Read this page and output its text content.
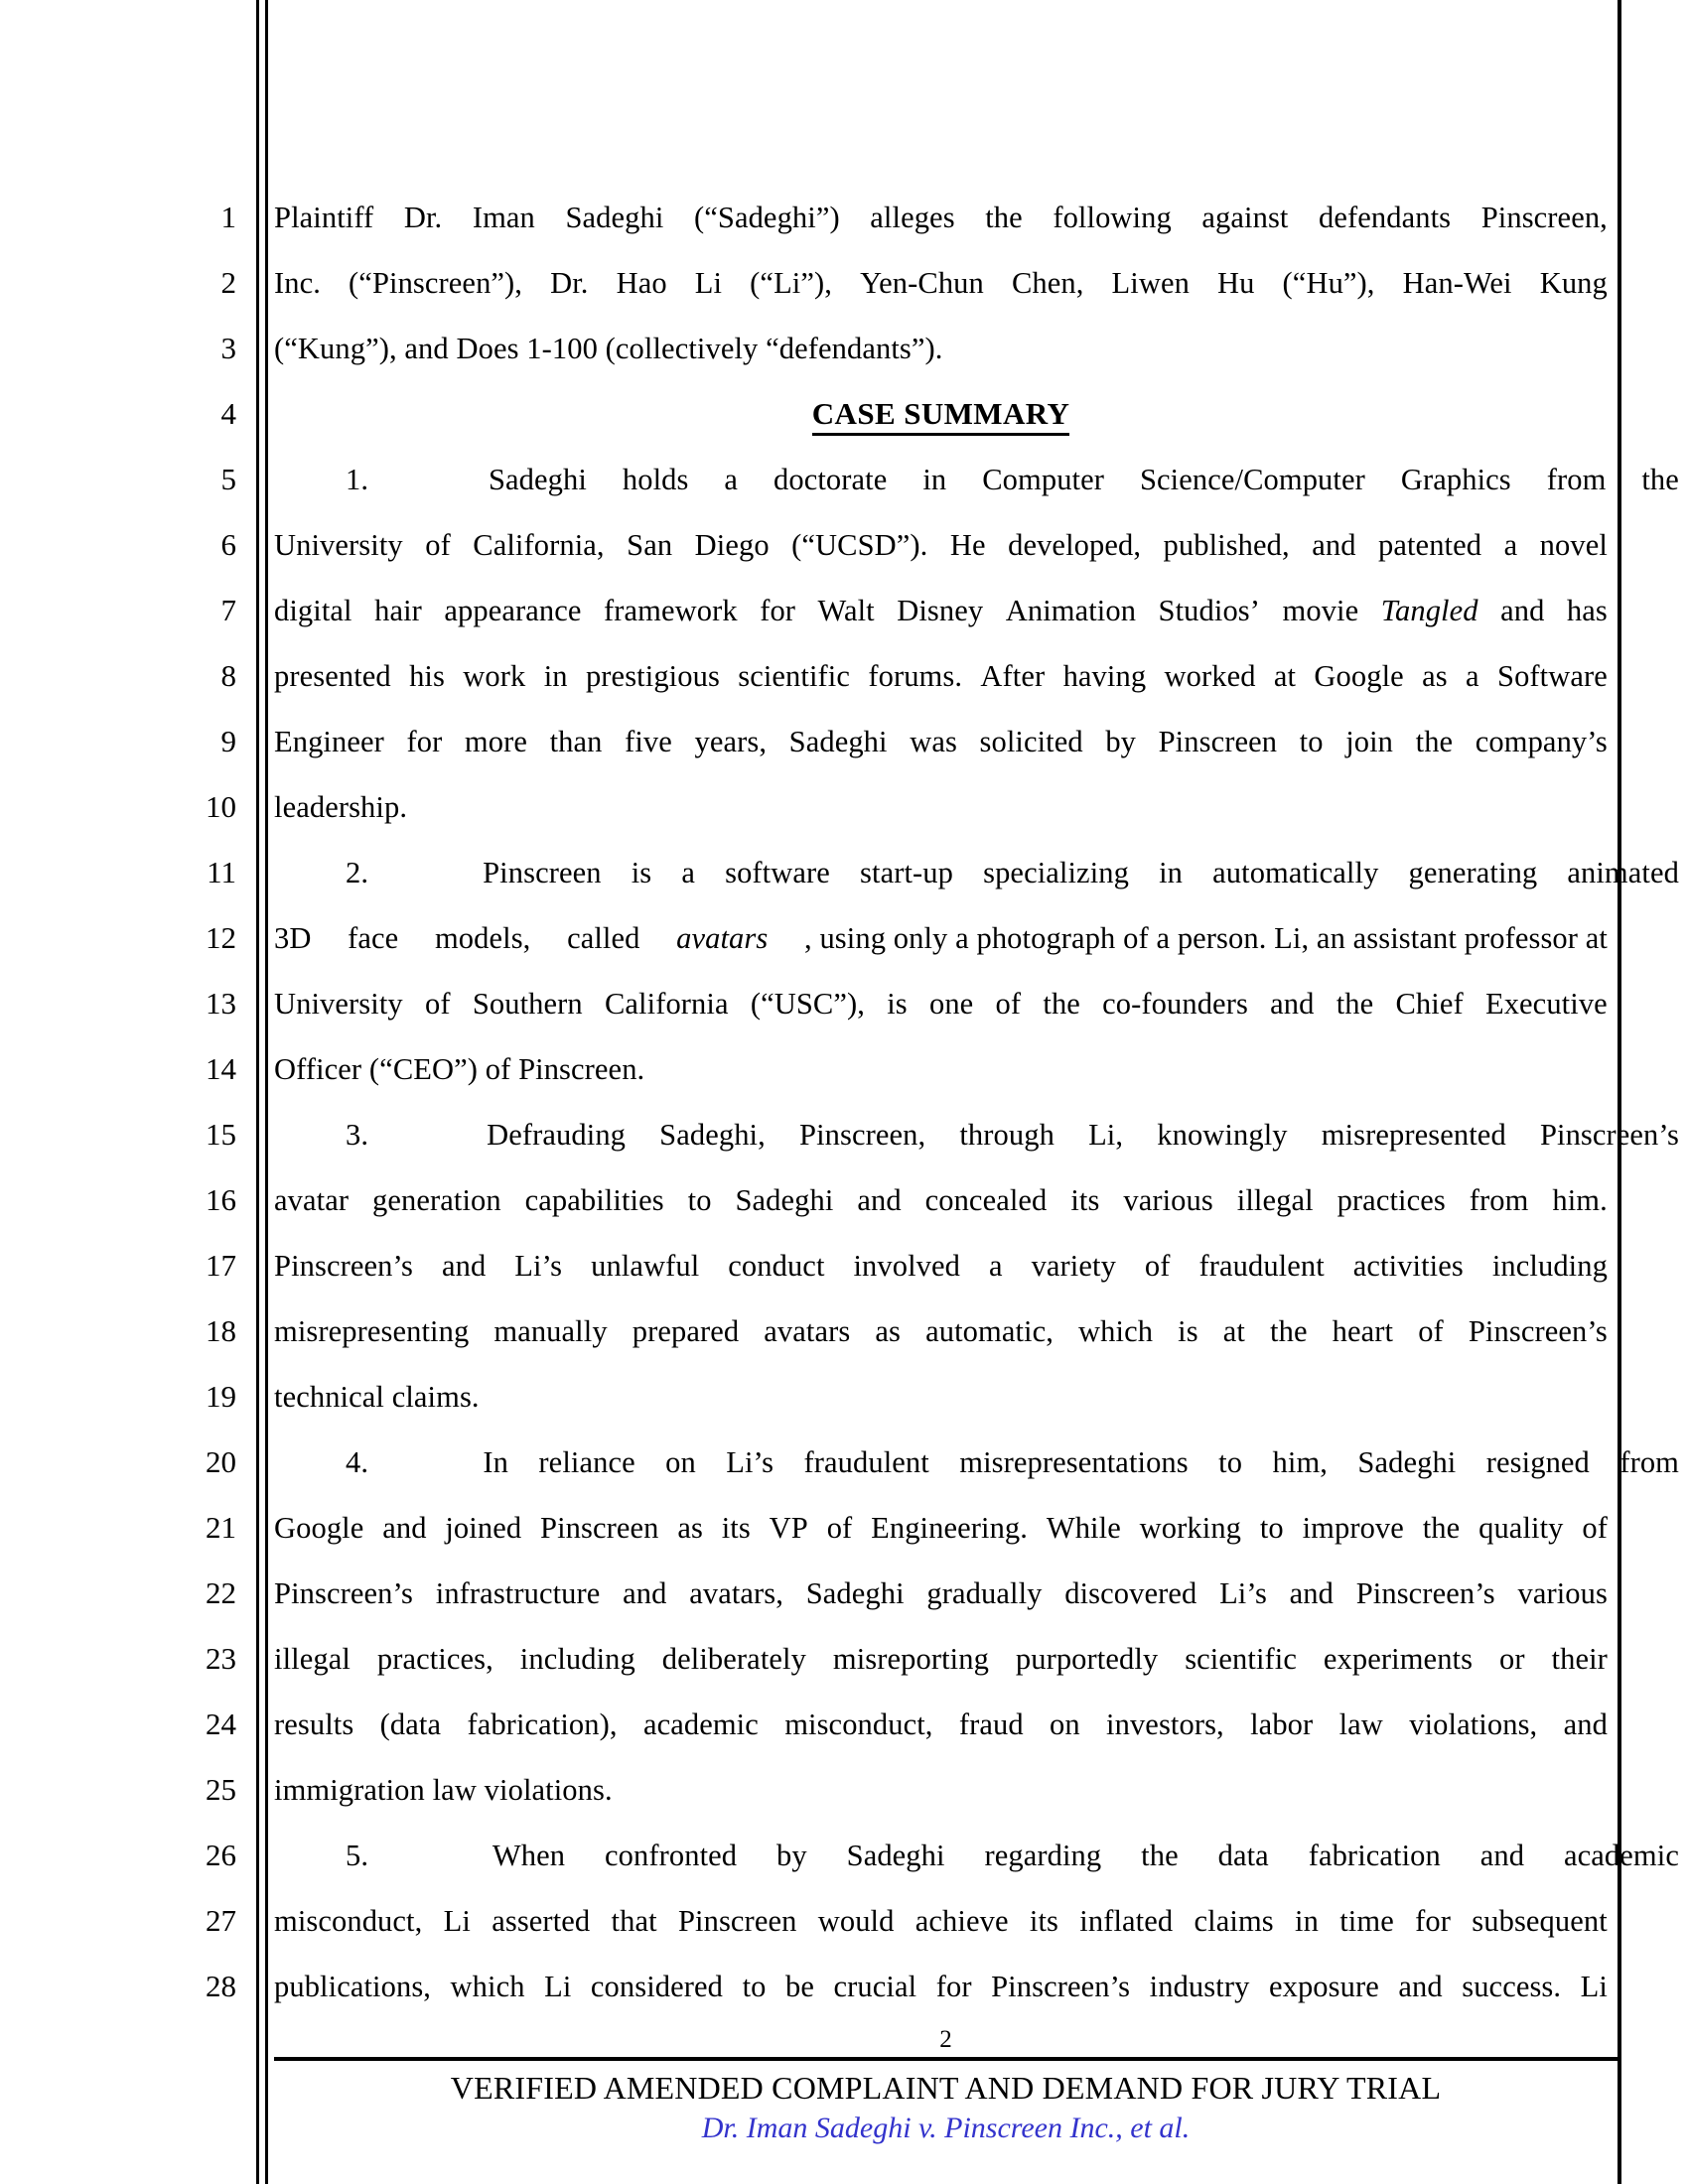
1
2
3
4
5
6
7
8
9
10
11
12
13
14
15
16
17
18
19
20
21
22
23
24
25
26
27
28
Plaintiff Dr. Iman Sadeghi (“Sadeghi”) alleges the following against defendants Pinscreen,
Inc. (“Pinscreen”), Dr. Hao Li (“Li”), Yen-Chun Chen, Liwen Hu (“Hu”), Han-Wei Kung
(“Kung”), and Does 1-100 (collectively “defendants”).
CASE SUMMARY
1.	Sadeghi holds a doctorate in Computer Science/Computer Graphics from the
University of California, San Diego (“UCSD”). He developed, published, and patented a novel
digital hair appearance framework for Walt Disney Animation Studios’ movie Tangled and has
presented his work in prestigious scientific forums. After having worked at Google as a Software
Engineer for more than five years, Sadeghi was solicited by Pinscreen to join the company’s
leadership.
2.	Pinscreen is a software start-up specializing in automatically generating animated
3D face models, called avatars , using only a photograph of a person. Li, an assistant professor at
University of Southern California (“USC”), is one of the co-founders and the Chief Executive
Officer (“CEO”) of Pinscreen.
3.	Defrauding Sadeghi, Pinscreen, through Li, knowingly misrepresented Pinscreen’s
avatar generation capabilities to Sadeghi and concealed its various illegal practices from him.
Pinscreen’s and Li’s unlawful conduct involved a variety of fraudulent activities including
misrepresenting manually prepared avatars as automatic, which is at the heart of Pinscreen’s
technical claims.
4.	In reliance on Li’s fraudulent misrepresentations to him, Sadeghi resigned from
Google and joined Pinscreen as its VP of Engineering. While working to improve the quality of
Pinscreen’s infrastructure and avatars, Sadeghi gradually discovered Li’s and Pinscreen’s various
illegal practices, including deliberately misreporting purportedly scientific experiments or their
results (data fabrication), academic misconduct, fraud on investors, labor law violations, and
immigration law violations.
5.	When confronted by Sadeghi regarding the data fabrication and academic
misconduct, Li asserted that Pinscreen would achieve its inflated claims in time for subsequent
publications, which Li considered to be crucial for Pinscreen’s industry exposure and success. Li
2
VERIFIED AMENDED COMPLAINT AND DEMAND FOR JURY TRIAL
Dr. Iman Sadeghi v. Pinscreen Inc., et al.
